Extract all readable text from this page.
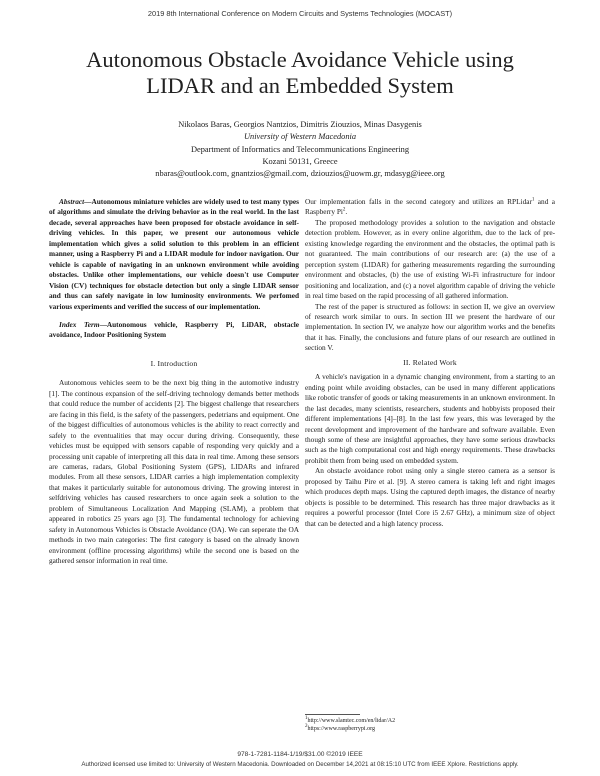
2019 8th International Conference on Modern Circuits and Systems Technologies (MOCAST)
Autonomous Obstacle Avoidance Vehicle using
LIDAR and an Embedded System
Nikolaos Baras, Georgios Nantzios, Dimitris Ziouzios, Minas Dasygenis
University of Western Macedonia
Department of Informatics and Telecommunications Engineering
Kozani 50131, Greece
nbaras@outlook.com, gnantzios@gmail.com, dziouzios@uowm.gr, mdasyg@ieee.org

Abstract—Autonomous miniature vehicles are widely used to test many types of algorithms and simulate the driving behavior as in the real world. In the last decade, several approaches have been proposed for obstacle avoidance in self-driving vehicles. In this paper, we present our autonomous vehicle implementation which gives a solid solution to this problem in an efficient manner, using a Raspberry Pi and a LIDAR module for indoor navigation. Our vehicle is capable of navigating in an unknown environment while avoiding obstacles. Unlike other implementations, our vehicle doesn't use Computer Vision (CV) techniques for obstacle detection but only a single LIDAR sensor and thus can safely navigate in low luminosity environments. We perfomed various experiments and verified the success of our implementation.

Index Term—Autonomous vehicle, Raspberry Pi, LiDAR, obstacle avoidance, Indoor Positioning System

I. Introduction

Autonomous vehicles seem to be the next big thing in the automotive industry [1]. The continous expansion of the self-driving technology demands better methods that could reduce the number of accidents [2]. The biggest challenge that researchers are facing in this field, is the safety of the passengers, pedetrians and equipment. One of the biggest difficulties of autonomous vehicles is the ability to react correctly and safely to the eventualities that may occur during driving. Consequently, these vehicles must be equipped with sensors capable of responding very quickly and a processing unit capable of interpreting all this data in real time. Among these sensors are cameras, radars, Global Positioning System (GPS), LIDARs and infrared modules. From all these sensors, LIDAR carries a high implementation complexity that makes it particularly suitable for autonomous driving. The growing interest in selfdriving vehicles has caused researchers to once again seek a solution to the problem of Simultaneous Localization And Mapping (SLAM), a problem that appeared in robotics 25 years ago [3]. The fundamental technology for achieving safety in Autonomous Vehicles is Obstacle Avoidance (OA). We can seperate the OA methods in two main categories: The first category is based on the already known environment (offline processing algorithms) while the second one is based on the gathered sensor information in real time.

Our implementation falls in the second category and utilizes an RPLidar$^1$ and a Raspberry Pi$^2$.

The proposed methodology provides a solution to the navigation and obstacle detection problem. However, as in every online algorithm, due to the lack of pre-existing knowledge regarding the environment and the obstacles, the optimal path is not guaranteed. The main contributions of our research are: (a) the use of a perception system (LIDAR) for gathering measurements regarding the surrounding environment and obstacles, (b) the use of existing Wi-Fi infrastructure for indoor positioning and localization, and (c) a novel algorithm capable of driving the vehicle in real time based on the rapid processing of all gathered information.

The rest of the paper is structured as follows: in section II, we give an overview of research work similar to ours. In section III we present the hardware of our implementation. In section IV, we analyze how our algorithm works and the benefits that it has. Finally, the conclusions and future plans of our research are outlined in section V.

II. Related Work

A vehicle's navigation in a dynamic changing environment, from a starting to an ending point while avoiding obstacles, can be used in many different applications like robotic transfer of goods or taking measurements in an unknown environment. In the last decades, many scientists, researchers, students and hobbyists proposed their different implementations [4]–[8]. In the last few years, this was leveraged by the recent development and improvement of the hardware and software available. Even though some of these are insightful approaches, they have some serious drawbacks such as the high computational cost and high energy requirements. These drawbacks prohibit them from being used on embedded system.

An obstacle avoidance robot using only a single stereo camera as a sensor is proposed by Taihu Pire et al. [9]. A stereo camera is taking left and right images which produces depth maps. Using the captured depth images, the distance of nearby objects is possible to be determined. This research has three major drawbacks as it requires a powerful processor (Intel Core i5 2.67 GHz), a minimum size of object that can be detected and a high latency process.

$^1$http://www.slamtec.com/en/lidar/A2
$^2$https://www.raspberrypi.org
978-1-7281-1184-1/19/$31.00 ©2019 IEEE
Authorized licensed use limited to: University of Western Macedonia. Downloaded on December 14,2021 at 08:15:10 UTC from IEEE Xplore. Restrictions apply.
